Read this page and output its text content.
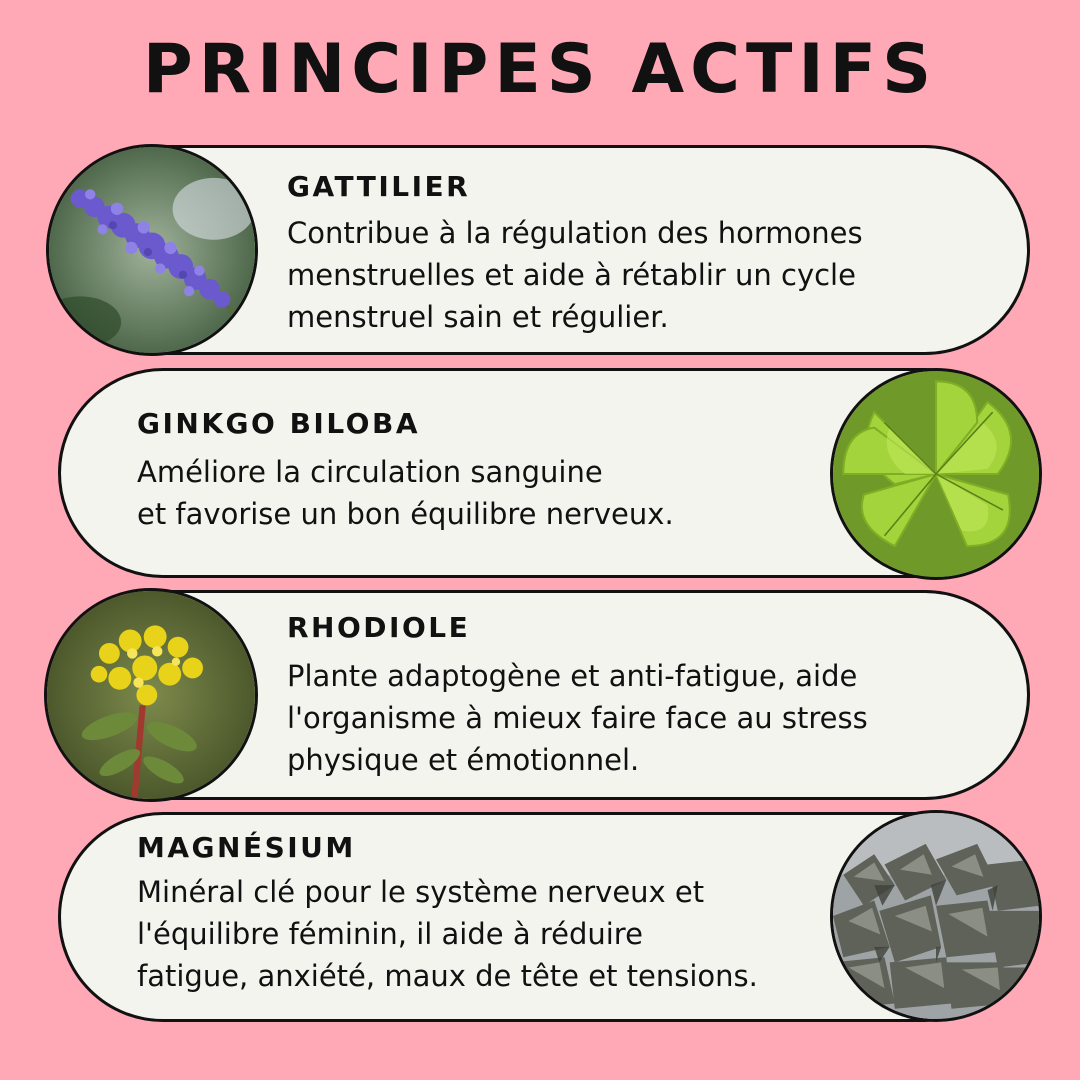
PRINCIPES ACTIFS
GATTILIER
Contribue à la régulation des hormones
menstruelles et aide à rétablir un cycle
menstruel sain et régulier.
GINKGO BILOBA
Améliore la circulation sanguine
et favorise un bon équilibre nerveux.
RHODIOLE
Plante adaptogène et anti-fatigue, aide
l'organisme à mieux faire face au stress
physique et émotionnel.
MAGNÉSIUM
Minéral clé pour le système nerveux et
l'équilibre féminin, il aide à réduire
fatigue, anxiété, maux de tête et tensions.
